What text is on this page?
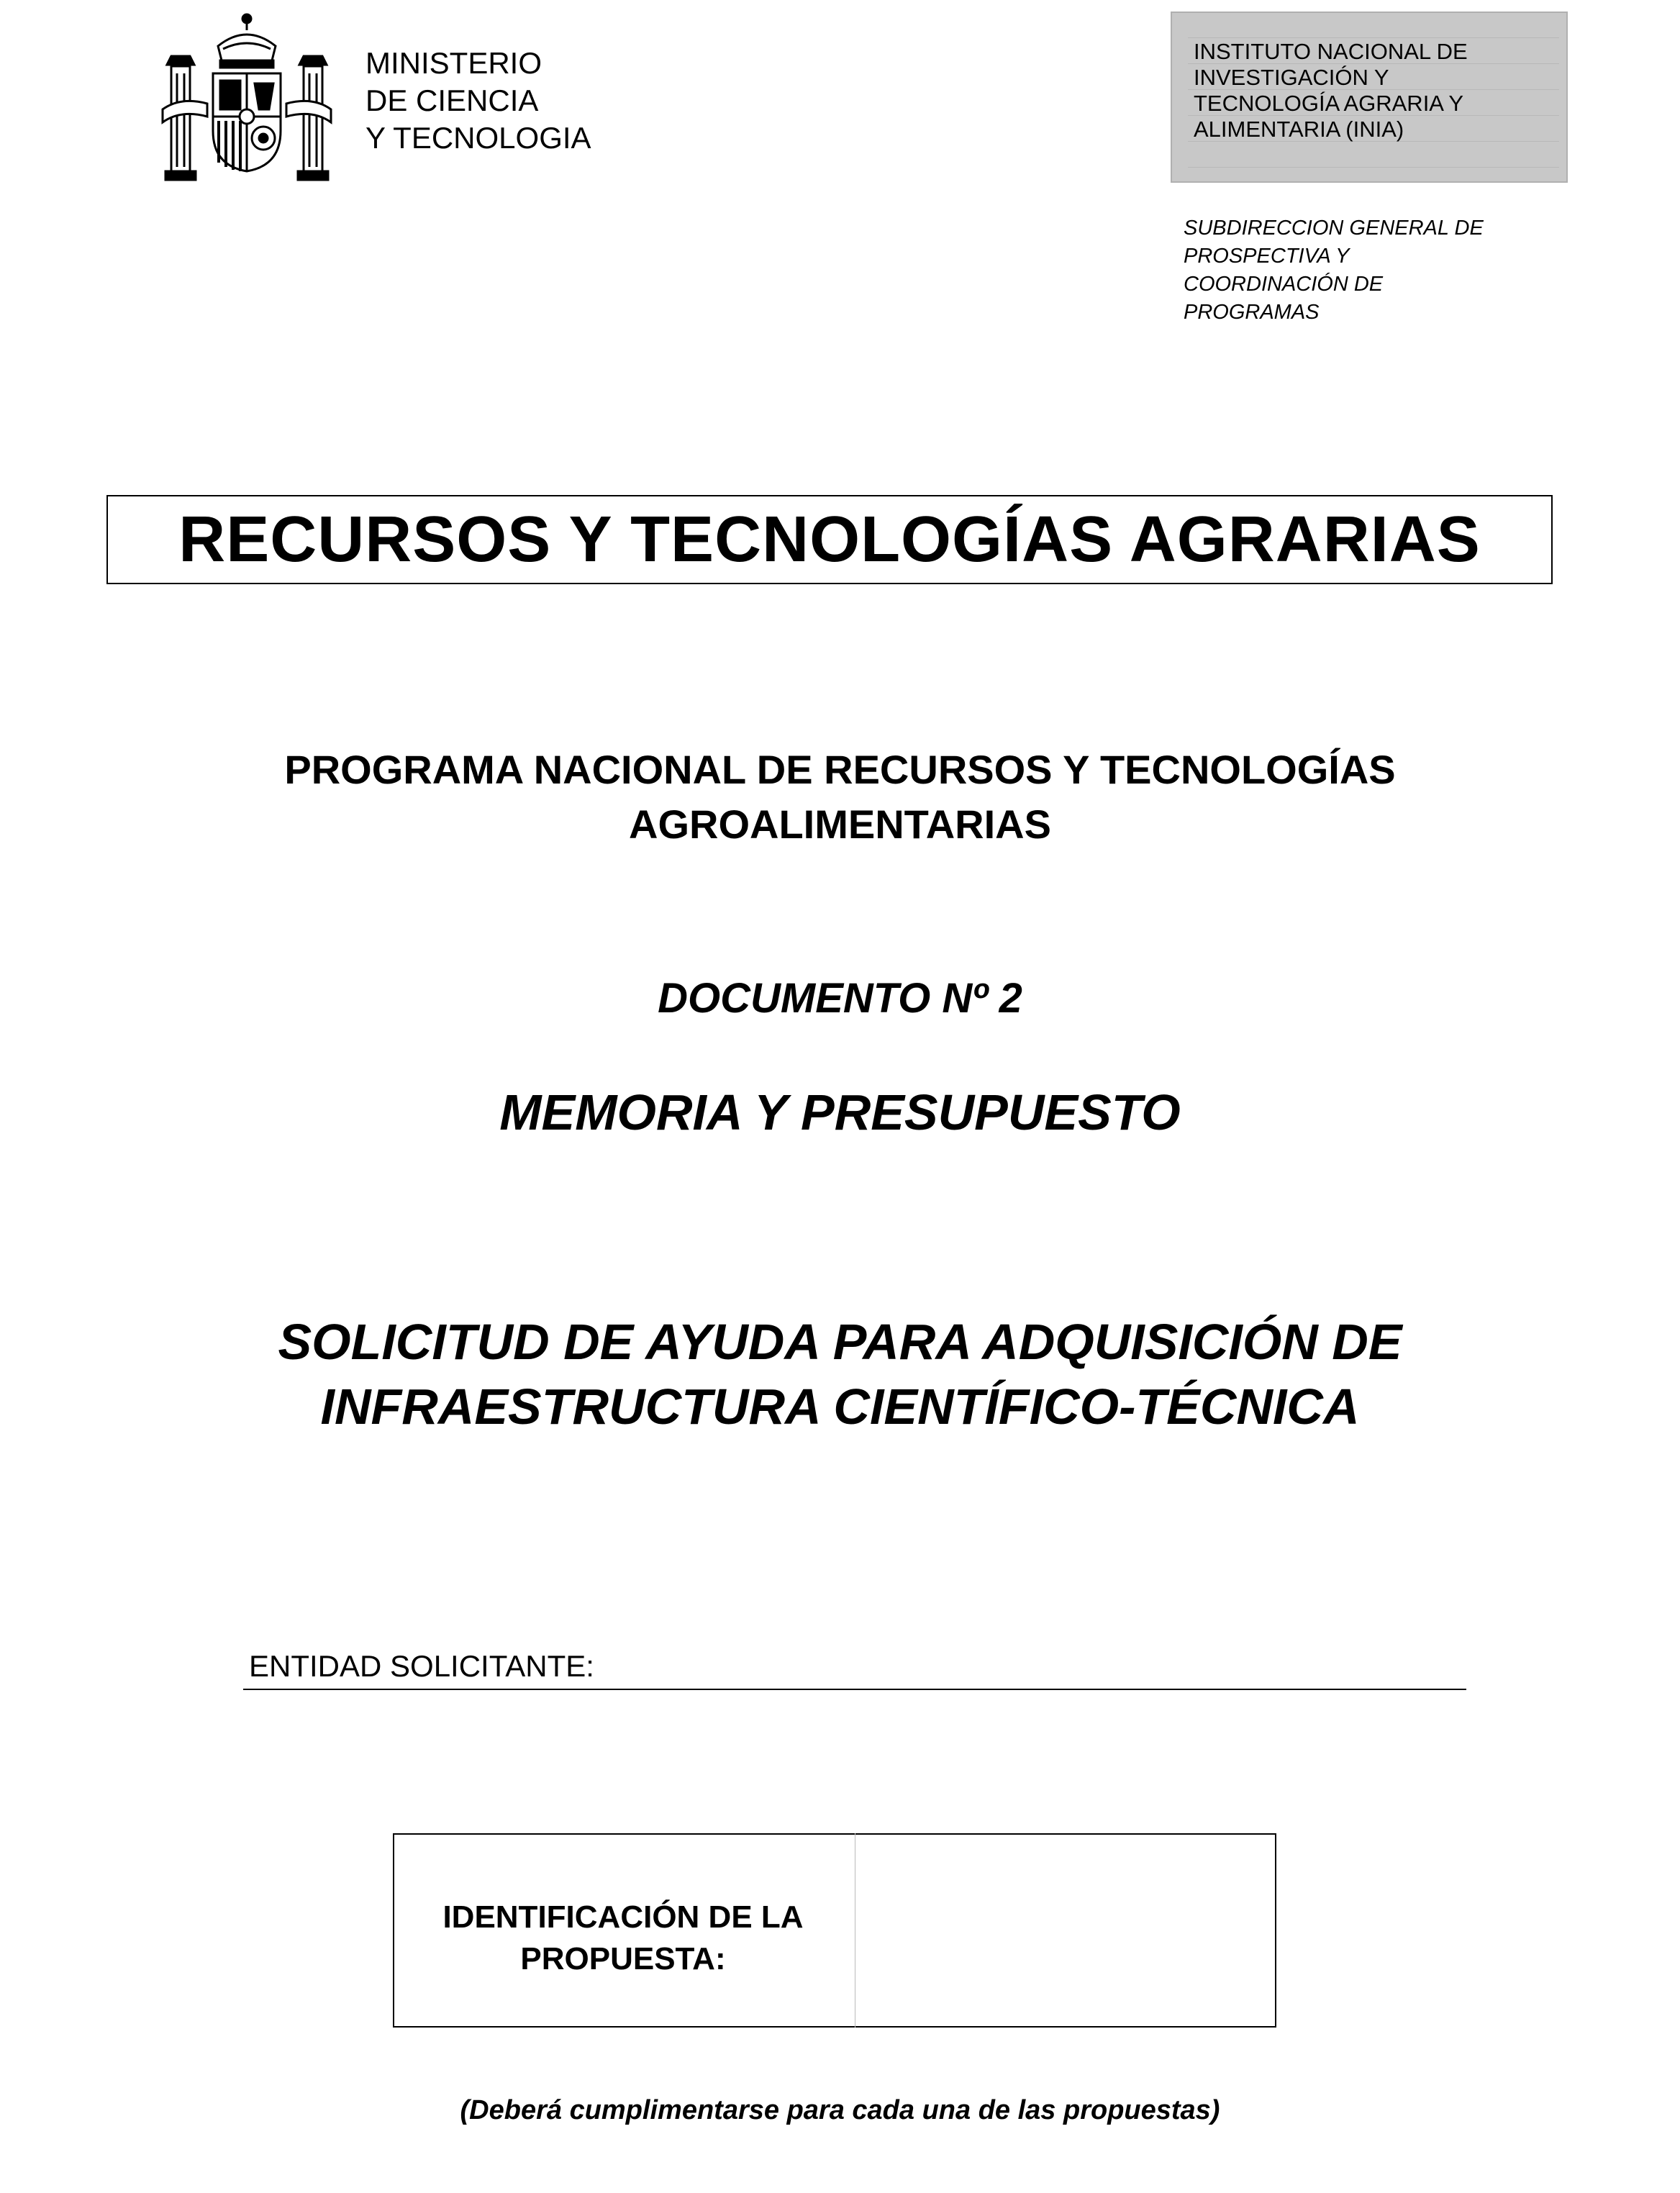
MINISTERIO
DE CIENCIA
Y TECNOLOGIA
INSTITUTO NACIONAL DE
INVESTIGACIÓN Y
TECNOLOGÍA AGRARIA Y
ALIMENTARIA (INIA)
SUBDIRECCION GENERAL DE
PROSPECTIVA Y
COORDINACIÓN DE
PROGRAMAS
RECURSOS Y TECNOLOGÍAS AGRARIAS
PROGRAMA NACIONAL DE RECURSOS Y TECNOLOGÍAS
AGROALIMENTARIAS
DOCUMENTO Nº 2
MEMORIA Y PRESUPUESTO
SOLICITUD DE AYUDA PARA ADQUISICIÓN DE
INFRAESTRUCTURA CIENTÍFICO-TÉCNICA
ENTIDAD SOLICITANTE:
IDENTIFICACIÓN DE LA
PROPUESTA:
(Deberá cumplimentarse para cada una de las propuestas)
